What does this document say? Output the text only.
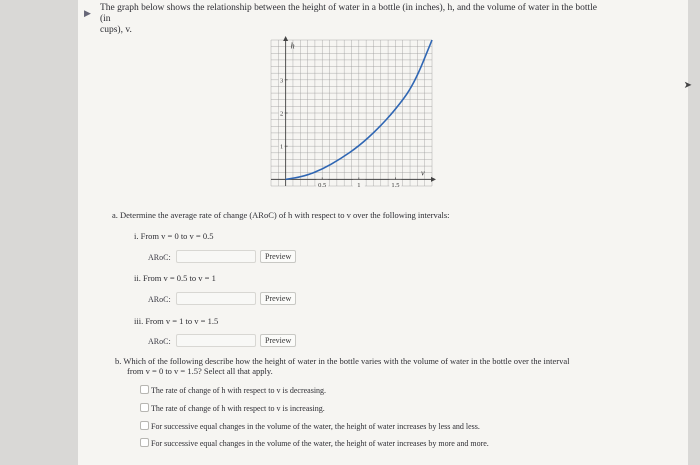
▶ The graph below shows the relationship between the height of water in a bottle (in inches), h, and the volume of water in the bottle (in
cups), v.
0.5	1	1.5
1
2
3
v
h
a. Determine the average rate of change (ARoC) of h with respect to v over the following intervals:
i. From v = 0 to v = 0.5
ARoC:	Preview
ii. From v = 0.5 to v = 1
ARoC:	Preview
iii. From v = 1 to v = 1.5
ARoC:	Preview
b. Which of the following describe how the height of water in the bottle varies with the volume of water in the bottle over the interval
from v = 0 to v = 1.5? Select all that apply.
The rate of change of h with respect to v is decreasing.
The rate of change of h with respect to v is increasing.
For successive equal changes in the volume of the water, the height of water increases by less and less.
For successive equal changes in the volume of the water, the height of water increases by more and more.
➤
